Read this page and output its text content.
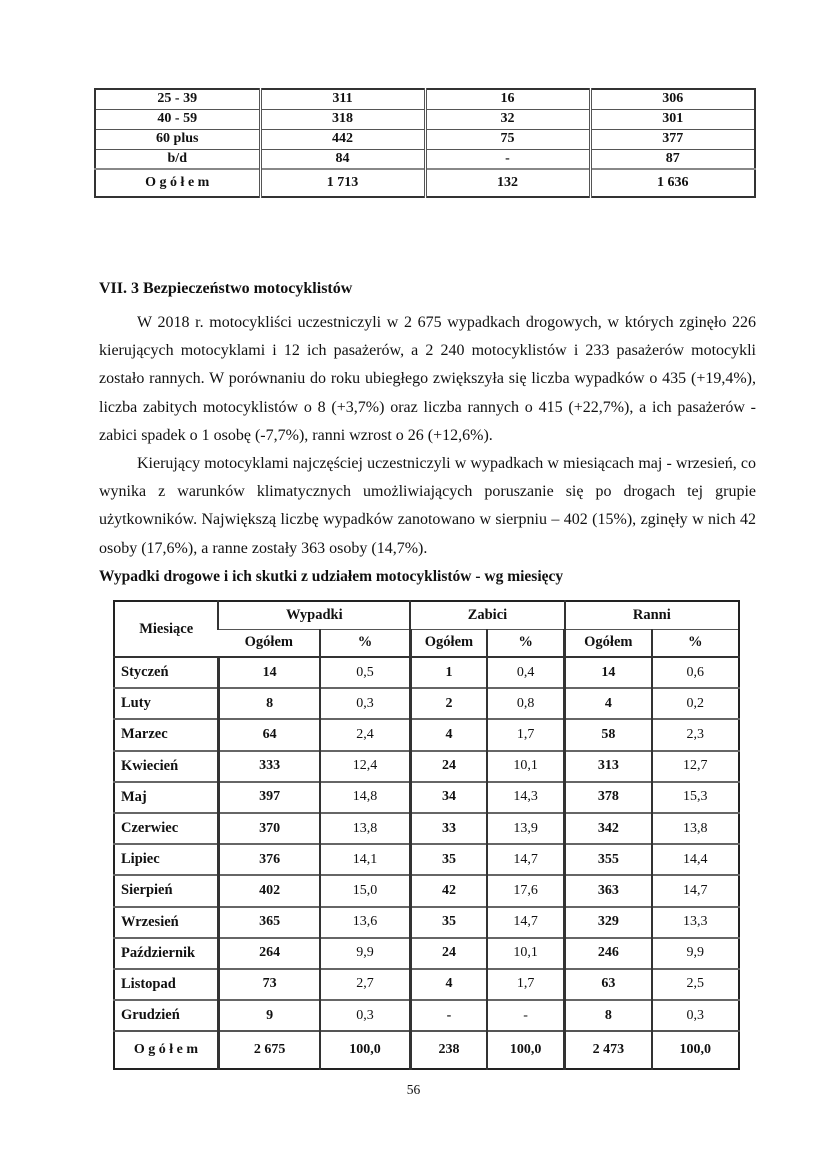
25 - 39	311	16	306
40 - 59	318	32	301
60 plus	442	75	377
b/d	84	-	87
O g ó ł e m	1 713	132	1 636
VII. 3 Bezpieczeństwo motocyklistów

W 2018 r. motocykliści uczestniczyli w 2 675 wypadkach drogowych, w których zginęło 226 kierujących motocyklami i 12 ich pasażerów, a 2 240 motocyklistów i 233 pasażerów motocykli zostało rannych. W porównaniu do roku ubiegłego zwiększyła się liczba wypadków o 435 (+19,4%), liczba zabitych motocyklistów o 8 (+3,7%) oraz liczba rannych o 415 (+22,7%), a ich pasażerów - zabici spadek o 1 osobę (-7,7%), ranni wzrost o 26 (+12,6%).

Kierujący motocyklami najczęściej uczestniczyli w wypadkach w miesiącach maj - wrzesień, co wynika z warunków klimatycznych umożliwiających poruszanie się po drogach tej grupie użytkowników. Największą liczbę wypadków zanotowano w sierpniu – 402 (15%), zginęły w nich 42 osoby (17,6%), a ranne zostały 363 osoby (14,7%).

Wypadki drogowe i ich skutki z udziałem motocyklistów - wg miesięcy
Miesiące	Wypadki		Zabici		Ranni	
	Ogółem	%	Ogółem	%	Ogółem	%
Styczeń	14	0,5	1	0,4	14	0,6
Luty	8	0,3	2	0,8	4	0,2
Marzec	64	2,4	4	1,7	58	2,3
Kwiecień	333	12,4	24	10,1	313	12,7
Maj	397	14,8	34	14,3	378	15,3
Czerwiec	370	13,8	33	13,9	342	13,8
Lipiec	376	14,1	35	14,7	355	14,4
Sierpień	402	15,0	42	17,6	363	14,7
Wrzesień	365	13,6	35	14,7	329	13,3
Październik	264	9,9	24	10,1	246	9,9
Listopad	73	2,7	4	1,7	63	2,5
Grudzień	9	0,3	-	-	8	0,3
O g ó ł e m	2 675	100,0	238	100,0	2 473	100,0
56
